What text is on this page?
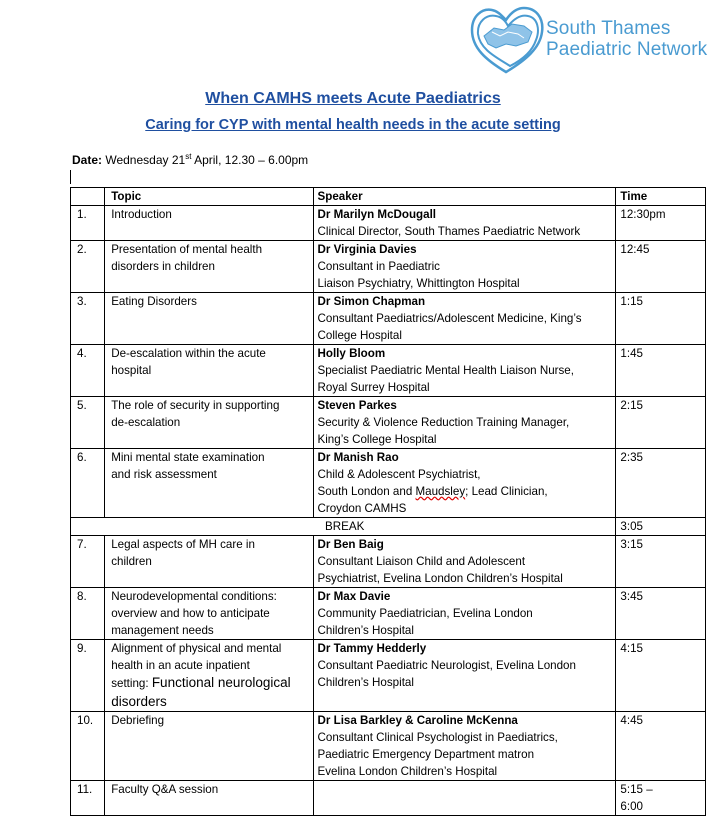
South Thames
Paediatric Network
When CAMHS meets Acute Paediatrics
Caring for CYP with mental health needs in the acute setting
Date: Wednesday 21st April, 12.30 – 6.00pm
	Topic	Speaker	Time
1.	Introduction	Dr Marilyn McDougall
Clinical Director, South Thames Paediatric Network	12:30pm

2.	Presentation of mental health
disorders in children	Dr Virginia Davies
Consultant in Paediatric
Liaison Psychiatry, Whittington Hospital	12:45

3.	Eating Disorders	Dr Simon Chapman
Consultant Paediatrics/Adolescent Medicine, King’s
College Hospital	1:15

4.	De-escalation within the acute
hospital	Holly Bloom
Specialist Paediatric Mental Health Liaison Nurse,
Royal Surrey Hospital	1:45

5.	The role of security in supporting
de-escalation	Steven Parkes
Security & Violence Reduction Training Manager,
King’s College Hospital	2:15

6.	Mini mental state examination
and risk assessment	Dr Manish Rao
Child & Adolescent Psychiatrist,
South London and Maudsley; Lead Clinician,
Croydon CAMHS	2:35

BREAK			3:05

7.	Legal aspects of MH care in
children	Dr Ben Baig
Consultant Liaison Child and Adolescent
Psychiatrist, Evelina London Children’s Hospital	3:15

8.	Neurodevelopmental conditions:
overview and how to anticipate
management needs	Dr Max Davie
Community Paediatrician, Evelina London
Children’s Hospital	3:45

9.	Alignment of physical and mental
health in an acute inpatient
setting: Functional neurological
disorders	Dr Tammy Hedderly
Consultant Paediatric Neurologist, Evelina London
Children’s Hospital	4:15

10.	Debriefing	Dr Lisa Barkley & Caroline McKenna
Consultant Clinical Psychologist in Paediatrics,
Paediatric Emergency Department matron
Evelina London Children’s Hospital	4:45

11.	Faculty Q&A session		5:15 –
6:00
